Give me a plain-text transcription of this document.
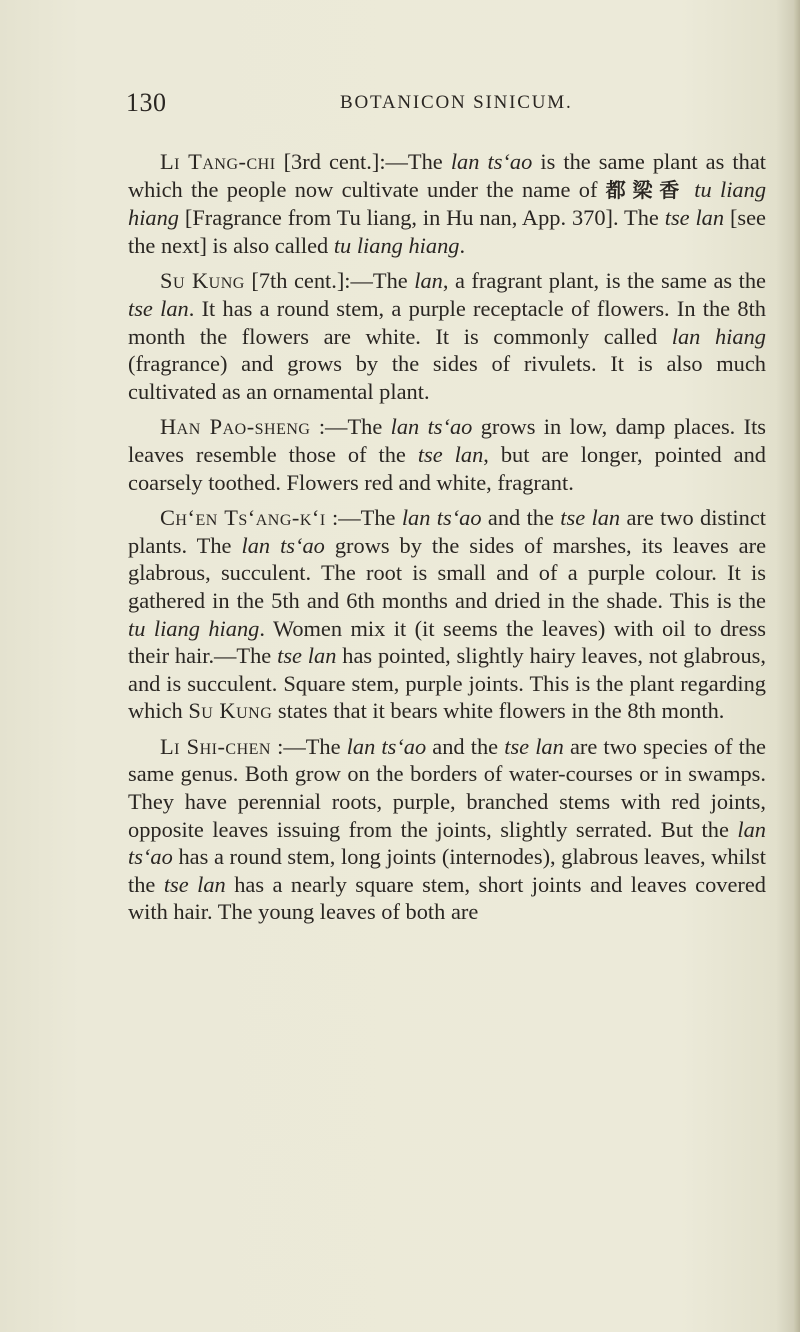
130	BOTANICON SINICUM.

Li Tang-chi [3rd cent.]:—The lan ts‘ao is the same plant as that which the people now cultivate under the name of 都梁香 tu liang hiang [Fragrance from Tu liang, in Hu nan, App. 370]. The tse lan [see the next] is also called tu liang hiang.

Su Kung [7th cent.]:—The lan, a fragrant plant, is the same as the tse lan. It has a round stem, a purple receptacle of flowers. In the 8th month the flowers are white. It is commonly called lan hiang (fragrance) and grows by the sides of rivulets. It is also much cultivated as an ornamental plant.

Han Pao-sheng :—The lan ts‘ao grows in low, damp places. Its leaves resemble those of the tse lan, but are longer, pointed and coarsely toothed. Flowers red and white, fragrant.

Ch‘en Ts‘ang-k‘i :—The lan ts‘ao and the tse lan are two distinct plants. The lan ts‘ao grows by the sides of marshes, its leaves are glabrous, succulent. The root is small and of a purple colour. It is gathered in the 5th and 6th months and dried in the shade. This is the tu liang hiang. Women mix it (it seems the leaves) with oil to dress their hair.—The tse lan has pointed, slightly hairy leaves, not glabrous, and is succulent. Square stem, purple joints. This is the plant regarding which Su Kung states that it bears white flowers in the 8th month.

Li Shi-chen :—The lan ts‘ao and the tse lan are two species of the same genus. Both grow on the borders of water-courses or in swamps. They have perennial roots, purple, branched stems with red joints, opposite leaves issuing from the joints, slightly serrated. But the lan ts‘ao has a round stem, long joints (internodes), glabrous leaves, whilst the tse lan has a nearly square stem, short joints and leaves covered with hair. The young leaves of both are
